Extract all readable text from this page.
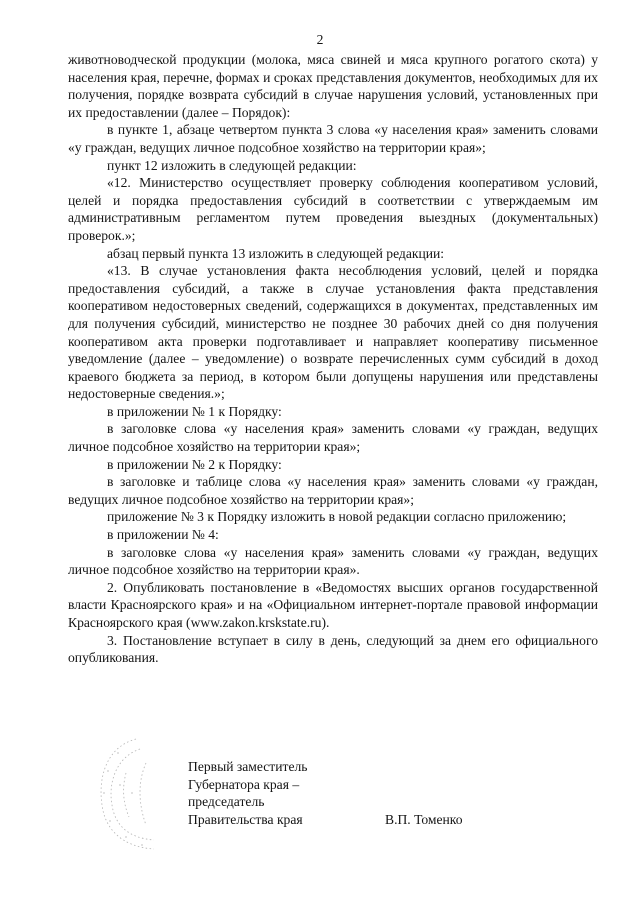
2

животноводческой продукции (молока, мяса свиней и мяса крупного рогатого скота) у населения края, перечне, формах и сроках представления документов, необходимых для их получения, порядке возврата субсидий в случае нарушения условий, установленных при их предоставлении (далее – Порядок):

в пункте 1, абзаце четвертом пункта 3 слова «у населения края» заменить словами «у граждан, ведущих личное подсобное хозяйство на территории края»;

пункт 12 изложить в следующей редакции:

«12. Министерство осуществляет проверку соблюдения кооперативом условий, целей и порядка предоставления субсидий в соответствии с утверждаемым им административным регламентом путем проведения выездных (документальных) проверок.»;

абзац первый пункта 13 изложить в следующей редакции:

«13. В случае установления факта несоблюдения условий, целей и порядка предоставления субсидий, а также в случае установления факта представления кооперативом недостоверных сведений, содержащихся в документах, представленных им для получения субсидий, министерство не позднее 30 рабочих дней со дня получения кооперативом акта проверки подготавливает и направляет кооперативу письменное уведомление (далее – уведомление) о возврате перечисленных сумм субсидий в доход краевого бюджета за период, в котором были допущены нарушения или представлены недостоверные сведения.»;

в приложении № 1 к Порядку:

в заголовке слова «у населения края» заменить словами «у граждан, ведущих личное подсобное хозяйство на территории края»;

в приложении № 2 к Порядку:

в заголовке и таблице слова «у населения края» заменить словами «у граждан, ведущих личное подсобное хозяйство на территории края»;

приложение № 3 к Порядку изложить в новой редакции согласно приложению;

в приложении № 4:

в заголовке слова «у населения края» заменить словами «у граждан, ведущих личное подсобное хозяйство на территории края».

2. Опубликовать постановление в «Ведомостях высших органов государственной власти Красноярского края» и на «Официальном интернет-портале правовой информации Красноярского края (www.zakon.krskstate.ru).

3. Постановление вступает в силу в день, следующий за днем его официального опубликования.

Первый заместитель
Губернатора края –
председатель
Правительства края	В.П. Томенко
